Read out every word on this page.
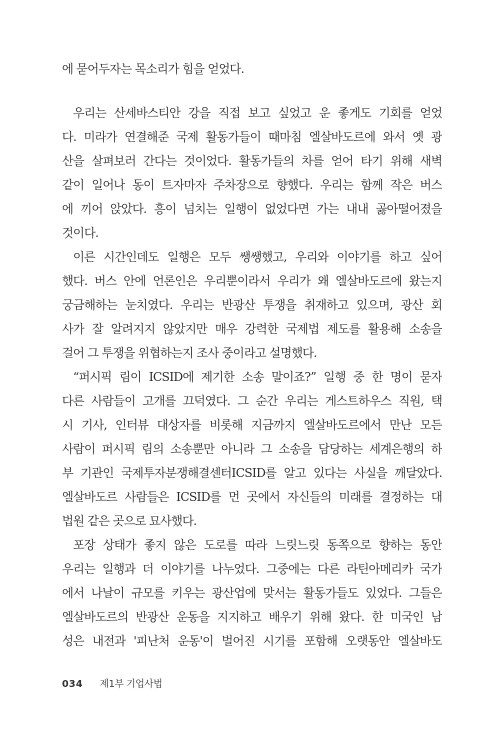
에 묻어두자는 목소리가 힘을 얻었다.
우리는 산세바스티안 강을 직접 보고 싶었고 운 좋게도 기회를 얻었
다. 미라가 연결해준 국제 활동가들이 때마침 엘살바도르에 와서 옛 광
산을 살펴보러 간다는 것이었다. 활동가들의 차를 얻어 타기 위해 새벽
같이 일어나 동이 트자마자 주차장으로 향했다. 우리는 함께 작은 버스
에 끼어 앉았다. 흥이 넘치는 일행이 없었다면 가는 내내 곯아떨어졌을
것이다.
이른 시간인데도 일행은 모두 쌩쌩했고, 우리와 이야기를 하고 싶어
했다. 버스 안에 언론인은 우리뿐이라서 우리가 왜 엘살바도르에 왔는지
궁금해하는 눈치였다. 우리는 반광산 투쟁을 취재하고 있으며, 광산 회
사가 잘 알려지지 않았지만 매우 강력한 국제법 제도를 활용해 소송을
걸어 그 투쟁을 위협하는지 조사 중이라고 설명했다.
“퍼시픽 림이 ICSID에 제기한 소송 말이죠?” 일행 중 한 명이 묻자
다른 사람들이 고개를 끄덕였다. 그 순간 우리는 게스트하우스 직원, 택
시 기사, 인터뷰 대상자를 비롯해 지금까지 엘살바도르에서 만난 모든
사람이 퍼시픽 림의 소송뿐만 아니라 그 소송을 담당하는 세계은행의 하
부 기관인 국제투자분쟁해결센터ICSID를 알고 있다는 사실을 깨달았다.
엘살바도르 사람들은 ICSID를 먼 곳에서 자신들의 미래를 결정하는 대
법원 같은 곳으로 묘사했다.
포장 상태가 좋지 않은 도로를 따라 느릿느릿 동쪽으로 향하는 동안
우리는 일행과 더 이야기를 나누었다. 그중에는 다른 라틴아메리카 국가
에서 나날이 규모를 키우는 광산업에 맞서는 활동가들도 있었다. 그들은
엘살바도르의 반광산 운동을 지지하고 배우기 위해 왔다. 한 미국인 남
성은 내전과 '피난처 운동'이 벌어진 시기를 포함해 오랫동안 엘살바도
034 제1부 기업사법
